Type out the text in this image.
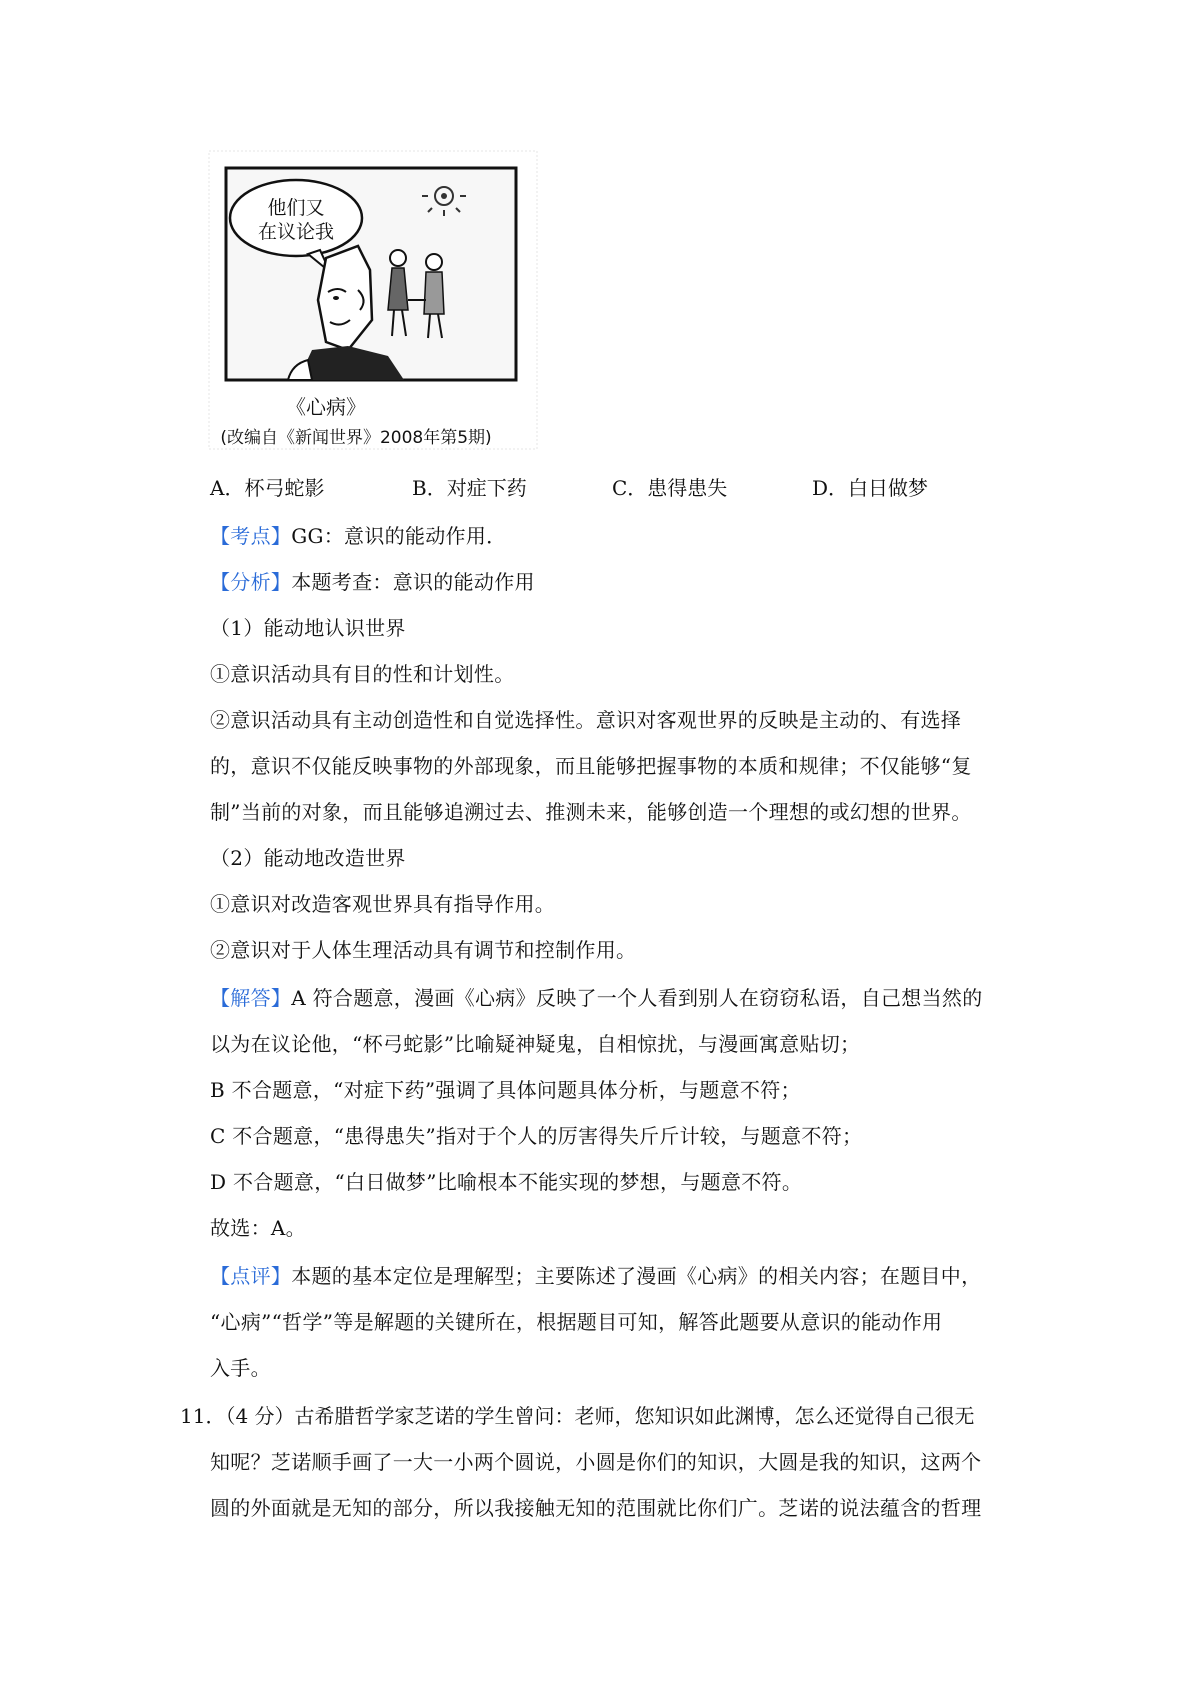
他们又
在议论我
《心病》
(改编自《新闻世界》2008年第5期)
A．杯弓蛇影	B．对症下药	C．患得患失	D．白日做梦
【考点】GG：意识的能动作用．
【分析】本题考查：意识的能动作用
（1）能动地认识世界
①意识活动具有目的性和计划性。
②意识活动具有主动创造性和自觉选择性。意识对客观世界的反映是主动的、有选择
的，意识不仅能反映事物的外部现象，而且能够把握事物的本质和规律；不仅能够“复
制”当前的对象，而且能够追溯过去、推测未来，能够创造一个理想的或幻想的世界。
（2）能动地改造世界
①意识对改造客观世界具有指导作用。
②意识对于人体生理活动具有调节和控制作用。
【解答】A 符合题意，漫画《心病》反映了一个人看到别人在窃窃私语，自己想当然的
以为在议论他，“杯弓蛇影”比喻疑神疑鬼，自相惊扰，与漫画寓意贴切；
B 不合题意，“对症下药”强调了具体问题具体分析，与题意不符；
C 不合题意，“患得患失”指对于个人的厉害得失斤斤计较，与题意不符；
D 不合题意，“白日做梦”比喻根本不能实现的梦想，与题意不符。
故选：A。
【点评】本题的基本定位是理解型；主要陈述了漫画《心病》的相关内容；在题目中，
“心病”“哲学”等是解题的关键所在，根据题目可知，解答此题要从意识的能动作用
入手。
11．（4 分）古希腊哲学家芝诺的学生曾问：老师，您知识如此渊博，怎么还觉得自己很无
知呢？芝诺顺手画了一大一小两个圆说，小圆是你们的知识，大圆是我的知识，这两个
圆的外面就是无知的部分，所以我接触无知的范围就比你们广。芝诺的说法蕴含的哲理
